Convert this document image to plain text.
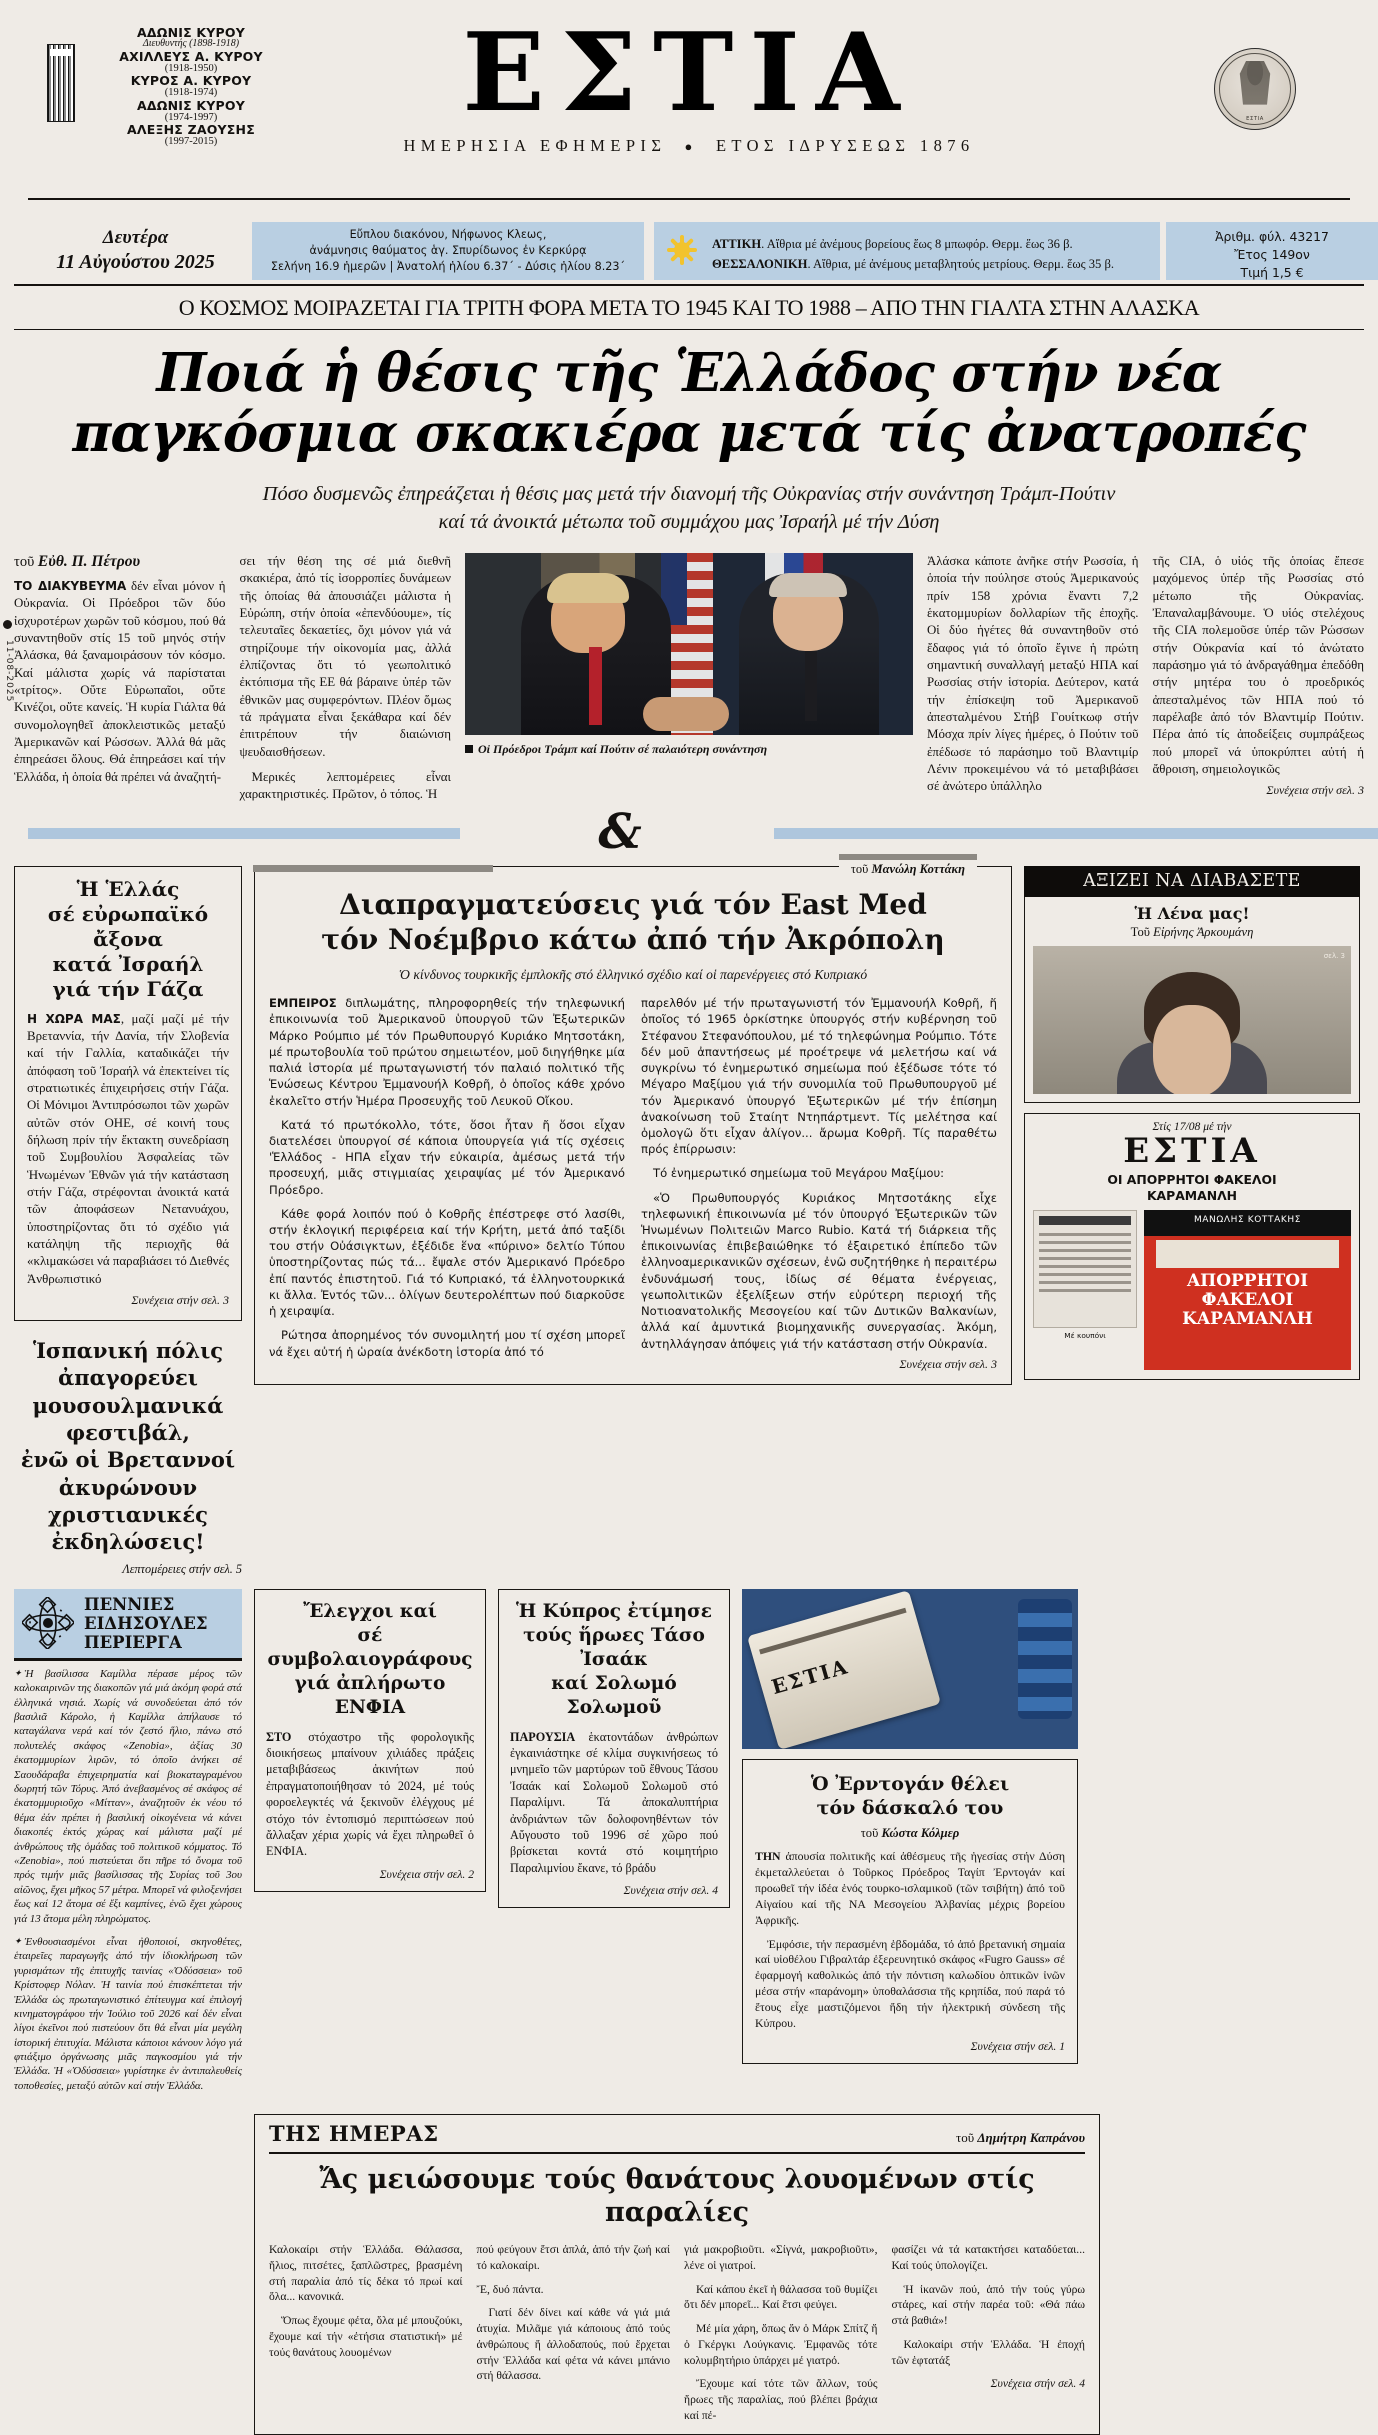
ΑΔΩΝΙΣ ΚΥΡΟΥ
Διευθυντής (1898-1918)
ΑΧΙΛΛΕΥΣ Α. ΚΥΡΟΥ
(1918-1950)
ΚΥΡΟΣ Α. ΚΥΡΟΥ
(1918-1974)
ΑΔΩΝΙΣ ΚΥΡΟΥ
(1974-1997)
ΑΛΕΞΗΣ ΖΑΟΥΣΗΣ
(1997-2015)
ΕΣΤΙΑ
ΗΜΕΡΗΣΙΑ ΕΦΗΜΕΡΙΣ  ●  ΕΤΟΣ ΙΔΡΥΣΕΩΣ 1876
ΕΣΤΙΑ
Δευτέρα
11 Αὐγούστου 2025
Εὔπλου διακόνου, Νήφωνος Κλεως,
ἀνάμνησις θαύματος ἁγ. Σπυρίδωνος ἐν Κερκύρᾳ
Σελήνη 16.9 ἡμερῶν | Ἀνατολή ἡλίου 6.37΄ - Δύσις ἡλίου 8.23΄
ΑΤΤΙΚΗ. Αἴθρια μέ ἀνέμους βορείους ἕως 8 μπωφόρ. Θερμ. ἕως 36 β.
ΘΕΣΣΑΛΟΝΙΚΗ. Αἴθρια, μέ ἀνέμους μεταβλητούς μετρίους. Θερμ. ἕως 35 β.
Ἀριθμ. φύλ. 43217
Ἔτος 149ον
Τιμή 1,5 €
Ο ΚΟΣΜΟΣ ΜΟΙΡΑΖΕΤΑΙ ΓΙΑ ΤΡΙΤΗ ΦΟΡΑ ΜΕΤΑ ΤΟ 1945 ΚΑΙ ΤΟ 1988 – ΑΠΟ ΤΗΝ ΓΙΑΛΤΑ ΣΤΗΝ ΑΛΑΣΚΑ
Ποιά ἡ θέσις τῆς Ἑλλάδος στήν νέα
παγκόσμια σκακιέρα μετά τίς ἀνατροπές
Πόσο δυσμενῶς ἐπηρεάζεται ἡ θέσις μας μετά τήν διανομή τῆς Οὐκρανίας στήν συνάντηση Τράμπ-Πούτιν
καί τά ἀνοικτά μέτωπα τοῦ συμμάχου μας Ἰσραήλ μέ τήν Δύση
τοῦ Εὐθ. Π. Πέτρου
ΤΟ ΔΙΑΚΥΒΕΥΜΑ δέν εἶναι μόνον ἡ Οὐκρανία. Οἱ Πρόεδροι τῶν δύο ἰσχυροτέρων χωρῶν τοῦ κόσμου, πού θά συναντηθοῦν στίς 15 τοῦ μηνός στήν Ἀλάσκα, θά ξαναμοιράσουν τόν κόσμο. Καί μάλιστα χωρίς νά παρίσταται «τρίτος». Οὔτε Εὐρωπαῖοι, οὔτε Κινέζοι, οὔτε κανείς. Ἡ κυρία Γιάλτα θά συνομολογηθεῖ ἀποκλειστικῶς μεταξύ Ἀμερικανῶν καί Ρώσσων. Ἀλλά θά μᾶς ἐπηρεάσει ὅλους. Θά ἐπηρεάσει καί τήν Ἑλλάδα, ἡ ὁποία θά πρέπει νά ἀναζητή-
σει τήν θέση της σέ μιά διεθνῆ σκακιέρα, ἀπό τίς ἰσορροπίες δυνάμεων τῆς ὁποίας θά ἀπουσιάζει μάλιστα ἡ Εὐρώπη, στήν ὁποία «ἐπενδύουμε», τίς τελευταῖες δεκαετίες, ὄχι μόνον γιά νά στηρίζουμε τήν οἰκονομία μας, ἀλλά ἐλπίζοντας ὅτι τό γεωπολιτικό ἐκτόπισμα τῆς ΕΕ θά βάραινε ὑπέρ τῶν ἐθνικῶν μας συμφερόντων. Πλέον ὅμως τά πράγματα εἶναι ξεκάθαρα καί δέν ἐπιτρέπουν τήν διαιώνιση ψευδαισθήσεων.
Μερικές λεπτομέρειες εἶναι χαρακτηριστικές. Πρῶτον, ὁ τόπος. Ἡ
Οἱ Πρόεδροι Τράμπ καί Πούτιν σέ παλαιότερη συνάντηση
Ἀλάσκα κάποτε ἀνῆκε στήν Ρωσσία, ἡ ὁποία τήν πούλησε στούς Ἀμερικανούς πρίν 158 χρόνια ἔναντι 7,2 ἑκατομμυρίων δολλαρίων τῆς ἐποχῆς. Οἱ δύο ἡγέτες θά συναντηθοῦν στό ἔδαφος γιά τό ὁποῖο ἔγινε ἡ πρώτη σημαντική συναλλαγή μεταξύ ΗΠΑ καί Ρωσσίας στήν ἱστορία. Δεύτερον, κατά τήν ἐπίσκεψη τοῦ Ἀμερικανοῦ ἀπεσταλμένου Στήβ Γουίτκωφ στήν Μόσχα πρίν λίγες ἡμέρες, ὁ Πούτιν τοῦ ἐπέδωσε τό παράσημο τοῦ Βλαντιμίρ Λένιν προκειμένου νά τό μεταβιβάσει σέ ἀνώτερο ὑπάλληλο
τῆς CIA, ὁ υἱός τῆς ὁποίας ἔπεσε μαχόμενος ὑπέρ τῆς Ρωσσίας στό μέτωπο τῆς Οὐκρανίας. Ἐπαναλαμβάνουμε. Ὁ υἱός στελέχους τῆς CIA πολεμοῦσε ὑπέρ τῶν Ρώσσων στήν Οὐκρανία καί τό ἀνώτατο παράσημο γιά τό ἀνδραγάθημα ἐπεδόθη στήν μητέρα του ὁ προεδρικός ἀπεσταλμένος τῶν ΗΠΑ πού τό παρέλαβε ἀπό τόν Βλαντιμίρ Πούτιν. Πέρα ἀπό τίς ἀποδείξεις συμπράξεως πού μπορεῖ νά ὑποκρύπτει αὐτή ἡ ἄθροιση, σημειολογικῶς
Συνέχεια στήν σελ. 3
&
Ἡ Ἑλλάς
σέ εὐρωπαϊκό ἄξονα
κατά Ἰσραήλ
γιά τήν Γάζα
Η ΧΩΡΑ ΜΑΣ, μαζί μαζί μέ τήν Βρεταννία, τήν Δανία, τήν Σλοβενία καί τήν Γαλλία, καταδικάζει τήν ἀπόφαση τοῦ Ἰσραήλ νά ἐπεκτείνει τίς στρατιωτικές ἐπιχειρήσεις στήν Γάζα. Οἱ Μόνιμοι Ἀντιπρόσωποι τῶν χωρῶν αὐτῶν στόν ΟΗΕ, σέ κοινή τους δήλωση πρίν τήν ἔκτακτη συνεδρίαση τοῦ Συμβουλίου Ἀσφαλείας τῶν Ἡνωμένων Ἐθνῶν γιά τήν κατάσταση στήν Γάζα, στρέφονται ἀνοικτά κατά τῶν ἀποφάσεων Νετανυάχου, ὑποστηρίζοντας ὅτι τό σχέδιο γιά κατάληψη τῆς περιοχῆς θά «κλιμακώσει νά παραβιάσει τό Διεθνές Ἀνθρωπιστικό
Συνέχεια στήν σελ. 3
Ἱσπανική πόλις ἀπαγορεύει
μουσουλμανικά φεστιβάλ,
ἐνῶ οἱ Βρεταννοί ἀκυρώνουν
χριστιανικές ἐκδηλώσεις!
Λεπτομέρειες στήν σελ. 5
τοῦ Μανώλη Κοττάκη
Διαπραγματεύσεις γιά τόν East Med
τόν Νοέμβριο κάτω ἀπό τήν Ἀκρόπολη
Ὁ κίνδυνος τουρκικῆς ἐμπλοκῆς στό ἑλληνικό σχέδιο καί οἱ παρενέργειες στό Κυπριακό
ΕΜΠΕΙΡΟΣ διπλωμάτης, πληροφορηθείς τήν τηλεφωνική ἐπικοινωνία τοῦ Ἀμερικανοῦ ὑπουργοῦ τῶν Ἐξωτερικῶν Μάρκο Ρούμπιο μέ τόν Πρωθυπουργό Κυριάκο Μητσοτάκη, μέ πρωτοβουλία τοῦ πρώτου σημειωτέον, μοῦ διηγήθηκε μία παλιά ἱστορία μέ πρωταγωνιστή τόν παλαιό πολιτικό τῆς Ἑνώσεως Κέντρου Ἐμμανουήλ Κοθρῆ, ὁ ὁποῖος κάθε χρόνο ἐκαλεῖτο στήν Ἡμέρα Προσευχῆς τοῦ Λευκοῦ Οἴκου.
Κατά τό πρωτόκολλο, τότε, ὅσοι ἦταν ἤ ὅσοι εἶχαν διατελέσει ὑπουργοί σέ κάποια ὑπουργεία γιά τίς σχέσεις 'Ἑλλάδος - ΗΠΑ εἶχαν τήν εὐκαιρία, ἀμέσως μετά τήν προσευχή, μιᾶς στιγμιαίας χειραψίας μέ τόν Ἀμερικανό Πρόεδρο.
Κάθε φορά λοιπόν πού ὁ Κοθρῆς ἐπέστρεφε στό λασίθι, στήν ἐκλογική περιφέρεια καί τήν Κρήτη, μετά ἀπό ταξίδι του στήν Οὐάσιγκτων, ἐξέδιδε ἕνα «πύρινο» δελτίο Τύπου ὑποστηρίζοντας πώς τά... ἔψαλε στόν Ἀμερικανό Πρόεδρο ἐπί παντός ἐπιστητοῦ. Γιά τό Κυπριακό, τά ἑλληνοτουρκικά κι ἄλλα. Ἐντός τῶν... ὀλίγων δευτερολέπτων πού διαρκοῦσε ἡ χειραψία.
Ρώτησα ἀπορημένος τόν συνομιλητή μου τί σχέση μπορεῖ νά ἔχει αὐτή ἡ ὡραία ἀνέκδοτη ἱστορία ἀπό τό
παρελθόν μέ τήν πρωταγωνιστή τόν Ἐμμανουήλ Κοθρῆ, ἥ ὁποῖος τό 1965 ὁρκίστηκε ὑπουργός στήν κυβέρνηση τοῦ Στέφανου Στεφανόπουλου, μέ τό τηλεφώνημα Ρούμπιο. Τότε δέν μοῦ ἀπαντήσεως μέ προέτρεψε νά μελετήσω καί νά συγκρίνω τό ἐνημερωτικό σημείωμα πού ἐξέδωσε τότε τό Μέγαρο Μαξίμου γιά τήν συνομιλία τοῦ Πρωθυπουργοῦ μέ τόν Ἀμερικανό ὑπουργό Ἐξωτερικῶν μέ τήν ἐπίσημη ἀνακοίνωση τοῦ Σταίητ Ντηπάρτμεντ. Τίς μελέτησα καί ὁμολογῶ ὅτι εἶχαν ἀλίγον... ἄρωμα Κοθρῆ. Τίς παραθέτω πρός ἐπίρρωσιν:
Τό ἐνημερωτικό σημείωμα τοῦ Μεγάρου Μαξίμου:
«Ὁ Πρωθυπουργός Κυριάκος Μητσοτάκης εἶχε τηλεφωνική ἐπικοινωνία μέ τόν ὑπουργό Ἐξωτερικῶν τῶν Ἡνωμένων Πολιτειῶν Marco Rubio. Κατά τή διάρκεια τῆς ἐπικοινωνίας ἐπιβεβαιώθηκε τό ἐξαιρετικό ἐπίπεδο τῶν ἑλληνοαμερικανικῶν σχέσεων, ἐνῶ συζητήθηκε ἡ περαιτέρω ἐνδυνάμωσή τους, ἰδίως σέ θέματα ἐνέργειας, γεωπολιτικῶν ἐξελίξεων στήν εὐρύτερη περιοχή τῆς Νοτιοανατολικῆς Μεσογείου καί τῶν Δυτικῶν Βαλκανίων, ἀλλά καί ἀμυντικά βιομηχανικῆς συνεργασίας. Ἀκόμη, ἀντηλλάγησαν ἀπόψεις γιά τήν κατάσταση στήν Οὐκρανία.
Συνέχεια στήν σελ. 3
ΑΞΙΖΕΙ ΝΑ ΔΙΑΒΑΣΕΤΕ
Ἡ Λένα μας!
Τοῦ Εἰρήνης Ἀρκουμάνη
σελ. 3
Στίς 17/08 μέ τήν
ΕΣΤΙΑ
ΟΙ ΑΠΟΡΡΗΤΟΙ ΦΑΚΕΛΟΙ
ΚΑΡΑΜΑΝΛΗ
Μέ κουπόνι
ΜΑΝΩΛΗΣ ΚΟΤΤΑΚΗΣ
ΑΠΟΡΡΗΤΟΙ
ΦΑΚΕΛΟΙ
ΚΑΡΑΜΑΝΛΗ
ΠΕΝΝΙΕΣ
ΕΙΔΗΣΟΥΛΕΣ
ΠΕΡΙΕΡΓΑ
✦ Ἡ βασίλισσα Καμίλλα πέρασε μέρος τῶν καλοκαιρινῶν της διακοπῶν γιά μιά ἀκόμη φορά στά ἑλληνικά νησιά. Χωρίς νά συνοδεύεται ἀπό τόν βασιλιᾶ Κάρολο, ἡ Καμίλλα ἀπήλαυσε τό καταγάλανα νερά καί τόν ζεστό ἥλιο, πάνω στό πολυτελές σκάφος «Zenobia», ἀξίας 30 ἑκατομμυρίων λιρῶν, τό ὁποῖο ἀνήκει σέ Σαουδάραβα ἐπιχειρηματία καί βιοκαταγραμένου δωρητή τῶν Τόρυς. Ἀπό ἀνεβασμένος σέ σκάφος σέ ἑκατομμυριοῦχο «Μίτταν», ἀναζητοῦν ἐκ νέου τό θέμα ἐάν πρέπει ἡ βασιλική οἰκογένεια νά κάνει διακοπές ἐκτός χώρας καί μάλιστα μαζί μέ ἀνθρώπους τῆς ὁμάδας τοῦ πολιτικοῦ κόμματος. Τό «Zenobia», πού πιστεύεται ὅτι πῆρε τό ὄνομα τοῦ πρός τιμήν μιᾶς βασίλισσας τῆς Συρίας τοῦ 3ου αἰῶνος, ἔχει μῆκος 57 μέτρα. Μπορεῖ νά φιλοξενήσει ἕως καί 12 ἄτομα σέ ἕξι καμπίνες, ἐνῶ ἔχει χώρους γιά 13 ἄτομα μέλη πληρώματος.
✦ Ἐνθουσιασμένοι εἶναι ἠθοποιοί, σκηνοθέτες, ἑταιρεῖες παραγωγῆς ἀπό τήν ἰδιοκλήρωση τῶν γυρισμάτων τῆς ἐπιτυχῆς ταινίας «Ὀδύσσεια» τοῦ Κρίστοφερ Νόλαν. Ἡ ταινία πού ἐπισκέπτεται τήν Ἑλλάδα ὡς πρωταγωνιστικό ἐπίτευγμα καί ἐπιλογή κινηματογράφου τήν Ἰούλιο τοῦ 2026 καί δέν εἶναι λίγοι ἐκεῖνοι πού πιστεύουν ὅτι θά εἶναι μία μεγάλη ἱστορική ἐπιτυχία. Μάλιστα κάποιοι κάνουν λόγο γιά φτιάξιμο ὀργάνωσης μιᾶς παγκοσμίου γιά τήν Ἑλλάδα. Ἡ «Ὀδύσσεια» γυρίστηκε ἐν ἀντιπαλευθείς τοποθεσίες, μεταξύ αὐτῶν καί στήν Ἑλλάδα.
Ἔλεγχοι καί
σέ συμβολαιογράφους
γιά ἀπλήρωτο ΕΝΦΙΑ
ΣΤΟ στόχαστρο τῆς φορολογικῆς διοικήσεως μπαίνουν χιλιάδες πράξεις μεταβιβάσεως ἀκινήτων πού ἐπραγματοποιήθησαν τό 2024, μέ τούς φοροελεγκτές νά ξεκινοῦν ἐλέγχους μέ στόχο τόν ἐντοπισμό περιπτώσεων πού ἄλλαξαν χέρια χωρίς νά ἔχει πληρωθεῖ ὁ ΕΝΦΙΑ.
Συνέχεια στήν σελ. 2
Ἡ Κύπρος ἐτίμησε
τούς ἥρωες Τάσο Ἰσαάκ
καί Σολωμό Σολωμοῦ
ΠΑΡΟΥΣΙΑ ἑκατοντάδων ἀνθρώπων ἐγκαινιάστηκε σέ κλίμα συγκινήσεως τό μνημεῖο τῶν μαρτύρων τοῦ ἔθνους Τάσου Ἰσαάκ καί Σολωμοῦ Σολωμοῦ στό Παραλίμνι. Τά ἀποκαλυπτήρια ἀνδριάντων τῶν δολοφονηθέντων τόν Αὔγουστο τοῦ 1996 σέ χῶρο πού βρίσκεται κοντά στό κοιμητήριο Παραλιμνίου ἔκανε, τό βράδυ
Συνέχεια στήν σελ. 4
ΕΣΤΙΑ
Ὁ Ἐρντογάν θέλει
τόν δάσκαλό του
τοῦ Κώστα Κόλμερ
ΤΗΝ ἀπουσία πολιτικῆς καί ἀθέσμευς τῆς ἡγεσίας στήν Δύση ἐκμεταλλεύεται ὁ Τοῦρκος Πρόεδρος Ταγίπ Ἐρντογάν καί προωθεῖ τήν ἰδέα ἑνός τουρκο-ισλαμικοῦ (τῶν τσιβήτη) ἀπό τοῦ Αἰγαίου καί τῆς ΝΑ Μεσογείου Ἀλβανίας μέχρις βορείου Ἀφρικῆς.
Ἐμφόσιε, τήν περασμένη ἑβδομάδα, τό ἀπό βρετανική σημαία καί υἱοθέλου Γιβραλτάρ ἐξερευνητικό σκάφος «Fugro Gauss» σέ ἐφαρμογή καθολικώς ἀπό τήν πόντιση καλωδίου ὁπτικῶν ἰνῶν μέσα στήν «παράνομη» ὑποθαλάσσια τῆς κρηπίδα, πού παρά τό ἔτους εἶχε μαστιζόμενοι ἤδη τήν ἠλεκτρική σύνδεση τῆς Κύπρου.
Συνέχεια στήν σελ. 1
ΤΗΣ ΗΜΕΡΑΣ	τοῦ Δημήτρη Καπράνου
Ἄς μειώσουμε τούς θανάτους λουομένων στίς παραλίες
Καλοκαίρι στήν Ἑλλάδα. Θάλασσα, ἥλιος, πιτσέτες, ξαπλῶστρες, βρασμένη στή παραλία ἀπό τίς δέκα τό πρωί καί ὅλα... κανονικά.
Ὅπως ἔχουμε φέτα, ὅλα μέ μπουζούκι, ἔχουμε καί τήν «ἐτήσια στατιστική» μέ τούς θανάτους λουομένων
πού φεύγουν ἔτσι ἀπλά, ἀπό τήν ζωή καί τό καλοκαίρι.
Ἔ, δυό πάντα.
Γιατί δέν δίνει καί κάθε νά γιά μιά ἀτυχία. Μιλᾶμε γιά κάποιους ἀπό τούς ἀνθρώπους ἥ ἀλλοδαπούς, πού ἔρχεται στήν Ἑλλάδα καί φέτα νά κάνει μπάνιο στή θάλασσα.
γιά μακροβιοῦτι. «Σίγνά, μακροβιοῦτι», λένε οἱ γιατροί.
Καί κάπου ἐκεῖ ἡ θάλασσα τοῦ θυμίζει ὅτι δέν μπορεῖ... Καί ἔτσι φεύγει.
Μέ μία χάρη, ὅπως ἄν ὁ Μάρκ Σπίτζ ἥ ὁ Γκέργκι Λούγκανις. Ἐμφανῶς τότε κολυμβητήριο ὑπάρχει μέ γιατρό.
Ἔχουμε καί τότε τῶν ἄλλων, τούς ἥρωες τῆς παραλίας, πού βλέπει βράχια καί πέ-
φασίζει νά τά κατακτήσει καταδύεται... Καί τούς ὑπολογίζει.
Ἡ ἰκανῶν πού, ἀπό τήν τούς γύρω στάρες, καί στήν παρέα τοῦ: «Θά πάω στά βαθιά»!
Καλοκαίρι στήν Ἑλλάδα. Ἡ ἐποχή τῶν ἑφτατάξ
Συνέχεια στήν σελ. 4
11-08-2025
